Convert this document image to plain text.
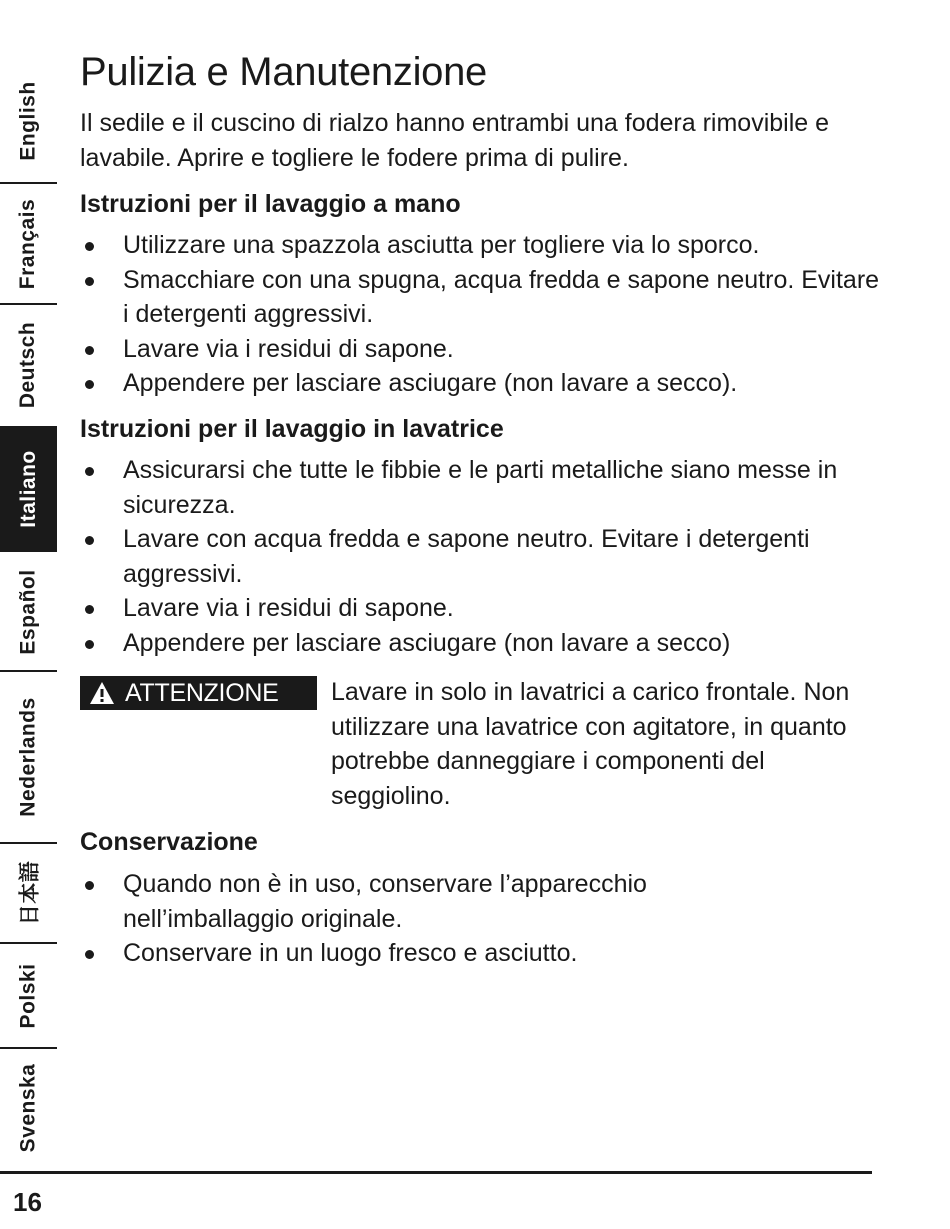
English
Français
Deutsch
Italiano
Español
Nederlands
日本語
Polski
Svenska
Pulizia e Manutenzione
Il sedile e il cuscino di rialzo hanno entrambi una fodera rimovibile e lavabile. Aprire e togliere le fodere prima di pulire.
Istruzioni per il lavaggio a mano
Utilizzare una spazzola asciutta per togliere via lo sporco.
Smacchiare con una spugna, acqua fredda e sapone neutro. Evitare i detergenti aggressivi.
Lavare via i residui di sapone.
Appendere per lasciare asciugare (non lavare a secco).
Istruzioni per il lavaggio in lavatrice
Assicurarsi che tutte le fibbie e le parti metalliche siano messe in sicurezza.
Lavare con acqua fredda e sapone neutro. Evitare i detergenti aggressivi.
Lavare via i residui di sapone.
Appendere per lasciare asciugare (non lavare a secco)
ATTENZIONE Lavare in solo in lavatrici a carico frontale. Non utilizzare una lavatrice con agitatore, in quanto potrebbe danneggiare i componenti del seggiolino.
Conservazione
Quando non è in uso, conservare l’apparecchio nell’imballaggio originale.
Conservare in un luogo fresco e asciutto.
16
